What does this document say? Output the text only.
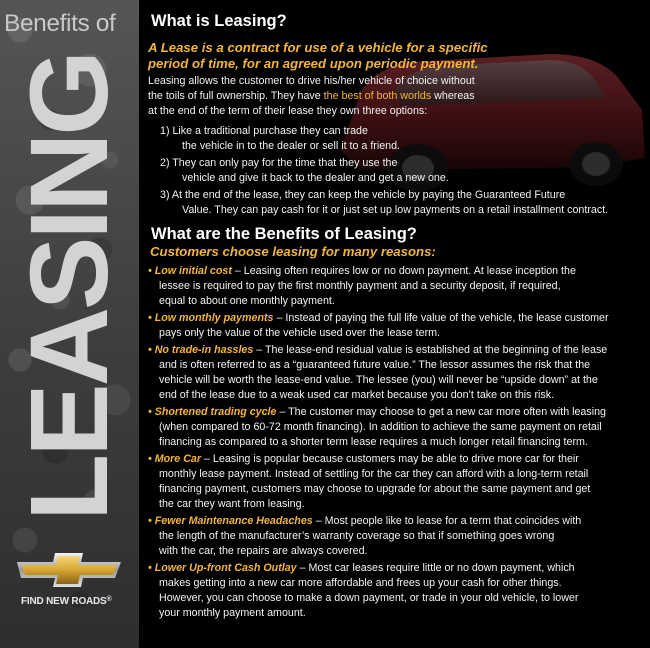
Benefits of
LEASING
FIND NEW ROADS®
What is Leasing?
A Lease is a contract for use of a vehicle for a specific
period of time, for an agreed upon periodic payment.

Leasing allows the customer to drive his/her vehicle of choice without

the toils of full ownership. They have the best of both worlds whereas

at the end of the term of their lease they own three options:

1) Like a traditional purchase they can trade
the vehicle in to the dealer or sell it to a friend.
2) They can only pay for the time that they use the
vehicle and give it back to the dealer and get a new one.
3) At the end of the lease, they can keep the vehicle by paying the Guaranteed Future
Value. They can pay cash for it or just set up low payments on a retail installment contract.
What are the Benefits of Leasing?
Customers choose leasing for many reasons:
• Low initial cost – Leasing often requires low or no down payment. At lease inception the
lessee is required to pay the first monthly payment and a security deposit, if required,
equal to about one monthly payment.
• Low monthly payments – Instead of paying the full life value of the vehicle, the lease customer
pays only the value of the vehicle used over the lease term.
• No trade-in hassles – The lease-end residual value is established at the beginning of the lease
and is often referred to as a “guaranteed future value.” The lessor assumes the risk that the
vehicle will be worth the lease-end value. The lessee (you) will never be “upside down” at the
end of the lease due to a weak used car market because you don’t take on this risk.
• Shortened trading cycle – The customer may choose to get a new car more often with leasing
(when compared to 60-72 month financing). In addition to achieve the same payment on retail
financing as compared to a shorter term lease requires a much longer retail financing term.
• More Car – Leasing is popular because customers may be able to drive more car for their
monthly lease payment. Instead of settling for the car they can afford with a long-term retail
financing payment, customers may choose to upgrade for about the same payment and get
the car they want from leasing.
• Fewer Maintenance Headaches – Most people like to lease for a term that coincides with
the length of the manufacturer’s warranty coverage so that if something goes wrong
with the car, the repairs are always covered.
• Lower Up-front Cash Outlay – Most car leases require little or no down payment, which
makes getting into a new car more affordable and frees up your cash for other things.
However, you can choose to make a down payment, or trade in your old vehicle, to lower
your monthly payment amount.
